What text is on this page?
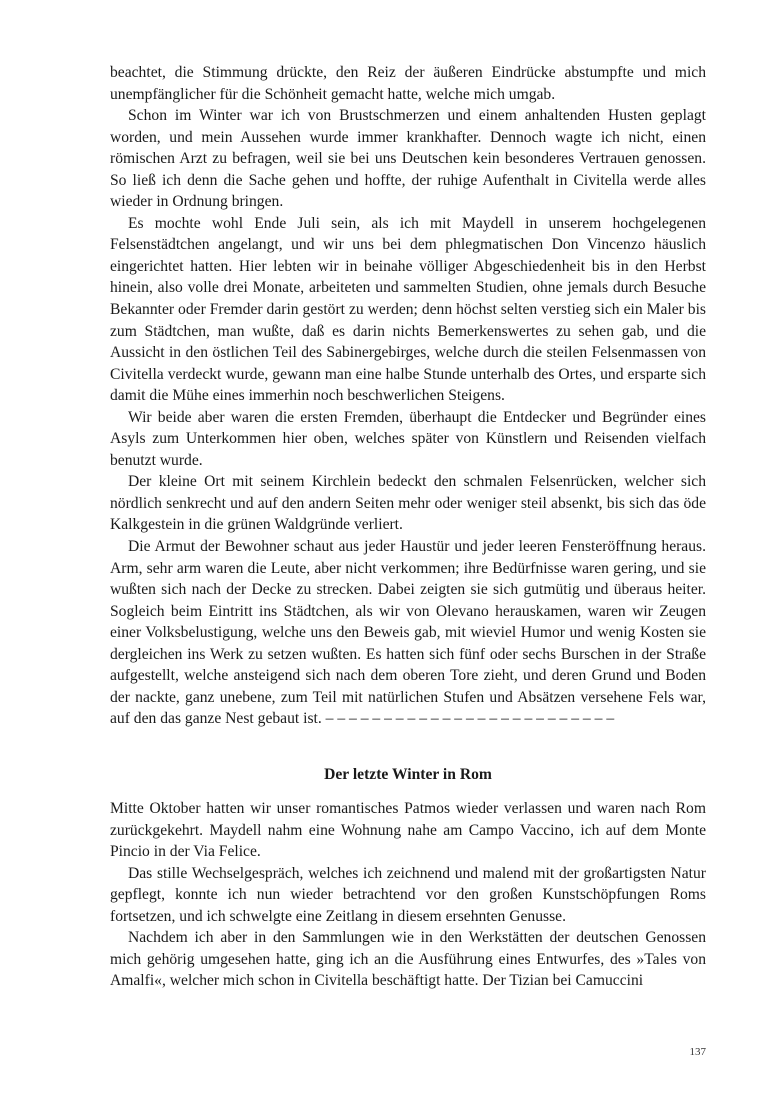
beachtet, die Stimmung drückte, den Reiz der äußeren Eindrücke abstumpfte und mich unempfänglicher für die Schönheit gemacht hatte, welche mich umgab.

Schon im Winter war ich von Brustschmerzen und einem anhaltenden Husten geplagt worden, und mein Aussehen wurde immer krankhafter. Dennoch wagte ich nicht, einen römischen Arzt zu befragen, weil sie bei uns Deutschen kein besonderes Vertrauen genossen. So ließ ich denn die Sache gehen und hoffte, der ruhige Aufenthalt in Civitella werde alles wieder in Ordnung bringen.

Es mochte wohl Ende Juli sein, als ich mit Maydell in unserem hochgelegenen Felsenstädtchen angelangt, und wir uns bei dem phlegmatischen Don Vincenzo häuslich eingerichtet hatten. Hier lebten wir in beinahe völliger Abgeschiedenheit bis in den Herbst hinein, also volle drei Monate, arbeiteten und sammelten Studien, ohne jemals durch Besuche Bekannter oder Fremder darin gestört zu werden; denn höchst selten verstieg sich ein Maler bis zum Städtchen, man wußte, daß es darin nichts Bemerkenswertes zu sehen gab, und die Aussicht in den östlichen Teil des Sabinergebirges, welche durch die steilen Felsenmassen von Civitella verdeckt wurde, gewann man eine halbe Stunde unterhalb des Ortes, und ersparte sich damit die Mühe eines immerhin noch beschwerlichen Steigens.

Wir beide aber waren die ersten Fremden, überhaupt die Entdecker und Begründer eines Asyls zum Unterkommen hier oben, welches später von Künstlern und Reisenden vielfach benutzt wurde.

Der kleine Ort mit seinem Kirchlein bedeckt den schmalen Felsenrücken, welcher sich nördlich senkrecht und auf den andern Seiten mehr oder weniger steil absenkt, bis sich das öde Kalkgestein in die grünen Waldgründe verliert.

Die Armut der Bewohner schaut aus jeder Haustür und jeder leeren Fensteröffnung heraus. Arm, sehr arm waren die Leute, aber nicht verkommen; ihre Bedürfnisse waren gering, und sie wußten sich nach der Decke zu strecken. Dabei zeigten sie sich gutmütig und überaus heiter. Sogleich beim Eintritt ins Städtchen, als wir von Olevano herauskamen, waren wir Zeugen einer Volksbelustigung, welche uns den Beweis gab, mit wieviel Humor und wenig Kosten sie dergleichen ins Werk zu setzen wußten. Es hatten sich fünf oder sechs Burschen in der Straße aufgestellt, welche ansteigend sich nach dem oberen Tore zieht, und deren Grund und Boden der nackte, ganz unebene, zum Teil mit natürlichen Stufen und Absätzen versehene Fels war, auf den das ganze Nest gebaut ist. – – – – – – – – – – – – – – – – – – – – – – – – –

Der letzte Winter in Rom

Mitte Oktober hatten wir unser romantisches Patmos wieder verlassen und waren nach Rom zurückgekehrt. Maydell nahm eine Wohnung nahe am Campo Vaccino, ich auf dem Monte Pincio in der Via Felice.

Das stille Wechselgespräch, welches ich zeichnend und malend mit der großartigsten Natur gepflegt, konnte ich nun wieder betrachtend vor den großen Kunstschöpfungen Roms fortsetzen, und ich schwelgte eine Zeitlang in diesem ersehnten Genusse.

Nachdem ich aber in den Sammlungen wie in den Werkstätten der deutschen Genossen mich gehörig umgesehen hatte, ging ich an die Ausführung eines Entwurfes, des »Tales von Amalfi«, welcher mich schon in Civitella beschäftigt hatte. Der Tizian bei Camuccini

137
